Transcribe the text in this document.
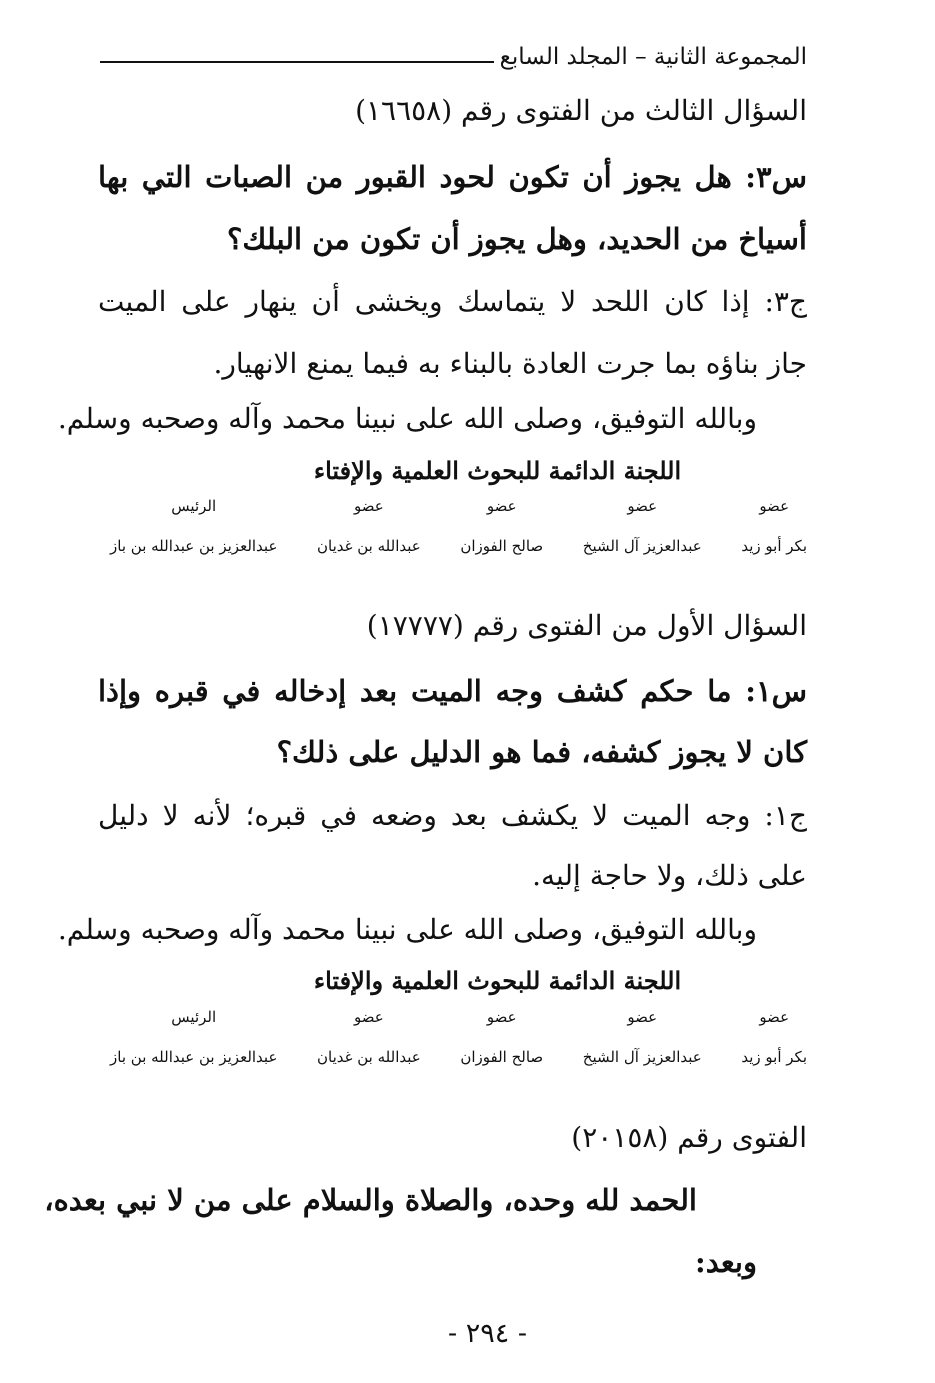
المجموعة الثانية – المجلد السابع
السؤال الثالث من الفتوى رقم (١٦٦٥٨)
س٣: هل يجوز أن تكون لحود القبور من الصبات التي بها
أسياخ من الحديد، وهل يجوز أن تكون من البلك؟
ج٣: إذا كان اللحد لا يتماسك ويخشى أن ينهار على الميت
جاز بناؤه بما جرت العادة بالبناء به فيما يمنع الانهيار.
وبالله التوفيق، وصلى الله على نبينا محمد وآله وصحبه وسلم.
اللجنة الدائمة للبحوث العلمية والإفتاء
عضو
بكر أبو زيد
عضو
عبدالعزيز آل الشيخ
عضو
صالح الفوزان
عضو
عبدالله بن غديان
الرئيس
عبدالعزيز بن عبدالله بن باز
السؤال الأول من الفتوى رقم (١٧٧٧٧)
س١: ما حكم كشف وجه الميت بعد إدخاله في قبره وإذا
كان لا يجوز كشفه، فما هو الدليل على ذلك؟
ج١: وجه الميت لا يكشف بعد وضعه في قبره؛ لأنه لا دليل
على ذلك، ولا حاجة إليه.
وبالله التوفيق، وصلى الله على نبينا محمد وآله وصحبه وسلم.
اللجنة الدائمة للبحوث العلمية والإفتاء
عضو
بكر أبو زيد
عضو
عبدالعزيز آل الشيخ
عضو
صالح الفوزان
عضو
عبدالله بن غديان
الرئيس
عبدالعزيز بن عبدالله بن باز
الفتوى رقم (٢٠١٥٨)
الحمد لله وحده، والصلاة والسلام على من لا نبي بعده،
وبعد:
- ٢٩٤ -
